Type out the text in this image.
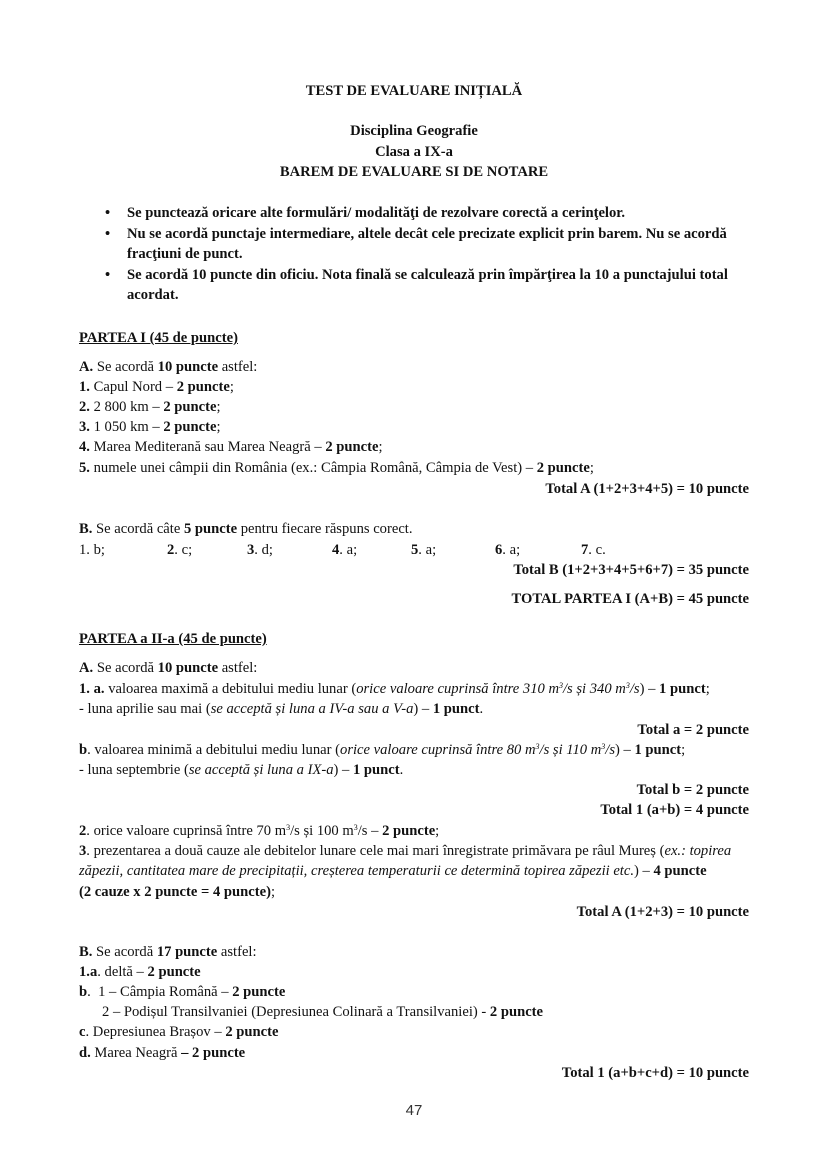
TEST DE EVALUARE INIȚIALĂ
Disciplina Geografie
Clasa a IX-a
BAREM DE EVALUARE SI DE NOTARE
• Se punctează oricare alte formulări/ modalităţi de rezolvare corectă a cerinţelor.
• Nu se acordă punctaje intermediare, altele decât cele precizate explicit prin barem. Nu se acordă fracţiuni de punct.
• Se acordă 10 puncte din oficiu. Nota finală se calculează prin împărţirea la 10 a punctajului total acordat.
PARTEA I (45 de puncte)
A. Se acordă 10 puncte astfel:
1. Capul Nord – 2 puncte;
2. 2 800 km – 2 puncte;
3. 1 050 km – 2 puncte;
4. Marea Mediterană sau Marea Neagră – 2 puncte;
5. numele unei câmpii din România (ex.: Câmpia Română, Câmpia de Vest) – 2 puncte;
Total A (1+2+3+4+5) = 10 puncte
B. Se acordă câte 5 puncte pentru fiecare răspuns corect.
1. b;	2. c;	3. d;	4. a;	5. a;	6. a;	7. c.
Total B (1+2+3+4+5+6+7) = 35 puncte
TOTAL PARTEA I (A+B) = 45 puncte
PARTEA a II-a (45 de puncte)
A. Se acordă 10 puncte astfel:
1. a. valoarea maximă a debitului mediu lunar (orice valoare cuprinsă între 310 $m^3/s$ și 340 $m^3/s) - 1$ punct;
- luna aprilie sau mai (se acceptă și luna a IV-a sau a V-a) – 1 punct.
Total a = 2 puncte
b. valoarea minimă a debitului mediu lunar (orice valoare cuprinsă între 80 $m^3/s$ și 110 $m^3/s) - 1$ punct;
- luna septembrie (se acceptă și luna a IX-a) – 1 punct.
Total b = 2 puncte
Total 1 (a+b) = 4 puncte
2. orice valoare cuprinsă între 70 $m^3/s$ și 100 $m^3/s - 2$ puncte;
3. prezentarea a două cauze ale debitelor lunare cele mai mari înregistrate primăvara pe râul Mureș (ex.: topirea zăpezii, cantitatea mare de precipitații, creșterea temperaturii ce determină topirea zăpezii etc.) – 4 puncte
(2 cauze x 2 puncte = 4 puncte);
Total A (1+2+3) = 10 puncte
B. Se acordă 17 puncte astfel:
1.a. deltă – 2 puncte
b.  1 – Câmpia Română – 2 puncte
2 – Podișul Transilvaniei (Depresiunea Colinară a Transilvaniei) - 2 puncte
c. Depresiunea Brașov – 2 puncte
d. Marea Neagră – 2 puncte
Total 1 (a+b+c+d) = 10 puncte
47
